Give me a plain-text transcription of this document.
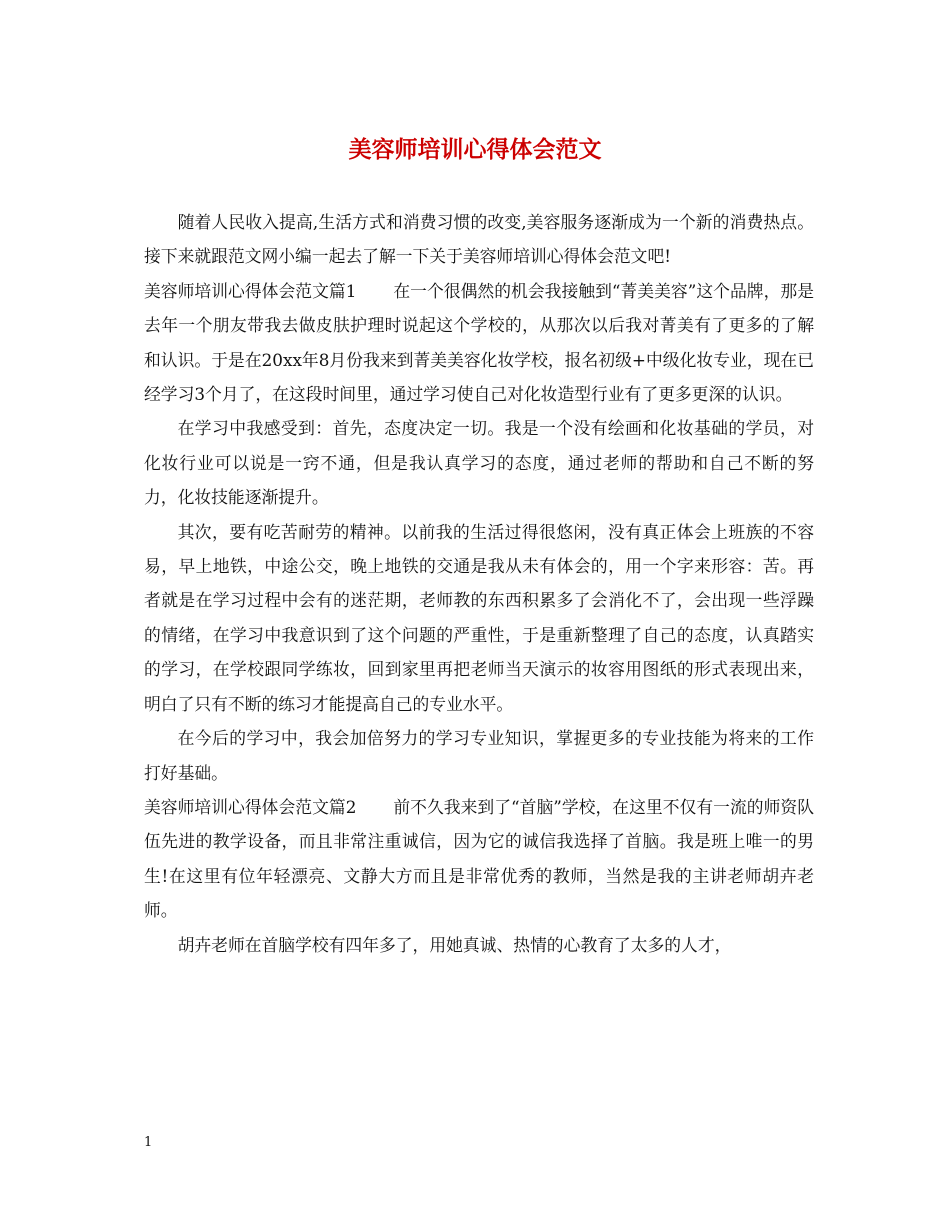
美容师培训心得体会范文

随着人民收入提高,生活方式和消费习惯的改变,美容服务逐渐成为一个新的消费热点。接下来就跟范文网小编一起去了解一下关于美容师培训心得体会范文吧!

美容师培训心得体会范文篇1 在一个很偶然的机会我接触到“菁美美容”这个品牌，那是去年一个朋友带我去做皮肤护理时说起这个学校的，从那次以后我对菁美有了更多的了解和认识。于是在20xx年8月份我来到菁美美容化妆学校，报名初级+中级化妆专业，现在已经学习3个月了，在这段时间里，通过学习使自己对化妆造型行业有了更多更深的认识。

在学习中我感受到：首先，态度决定一切。我是一个没有绘画和化妆基础的学员，对化妆行业可以说是一窍不通，但是我认真学习的态度，通过老师的帮助和自己不断的努力，化妆技能逐渐提升。

其次，要有吃苦耐劳的精神。以前我的生活过得很悠闲，没有真正体会上班族的不容易，早上地铁，中途公交，晚上地铁的交通是我从未有体会的，用一个字来形容：苦。再者就是在学习过程中会有的迷茫期，老师教的东西积累多了会消化不了，会出现一些浮躁的情绪，在学习中我意识到了这个问题的严重性，于是重新整理了自己的态度，认真踏实的学习，在学校跟同学练妆，回到家里再把老师当天演示的妆容用图纸的形式表现出来，明白了只有不断的练习才能提高自己的专业水平。

在今后的学习中，我会加倍努力的学习专业知识，掌握更多的专业技能为将来的工作打好基础。

美容师培训心得体会范文篇2 前不久我来到了“首脑”学校，在这里不仅有一流的师资队伍先进的教学设备，而且非常注重诚信，因为它的诚信我选择了首脑。我是班上唯一的男生!在这里有位年轻漂亮、文静大方而且是非常优秀的教师，当然是我的主讲老师胡卉老师。

胡卉老师在首脑学校有四年多了，用她真诚、热情的心教育了太多的人才，

1
